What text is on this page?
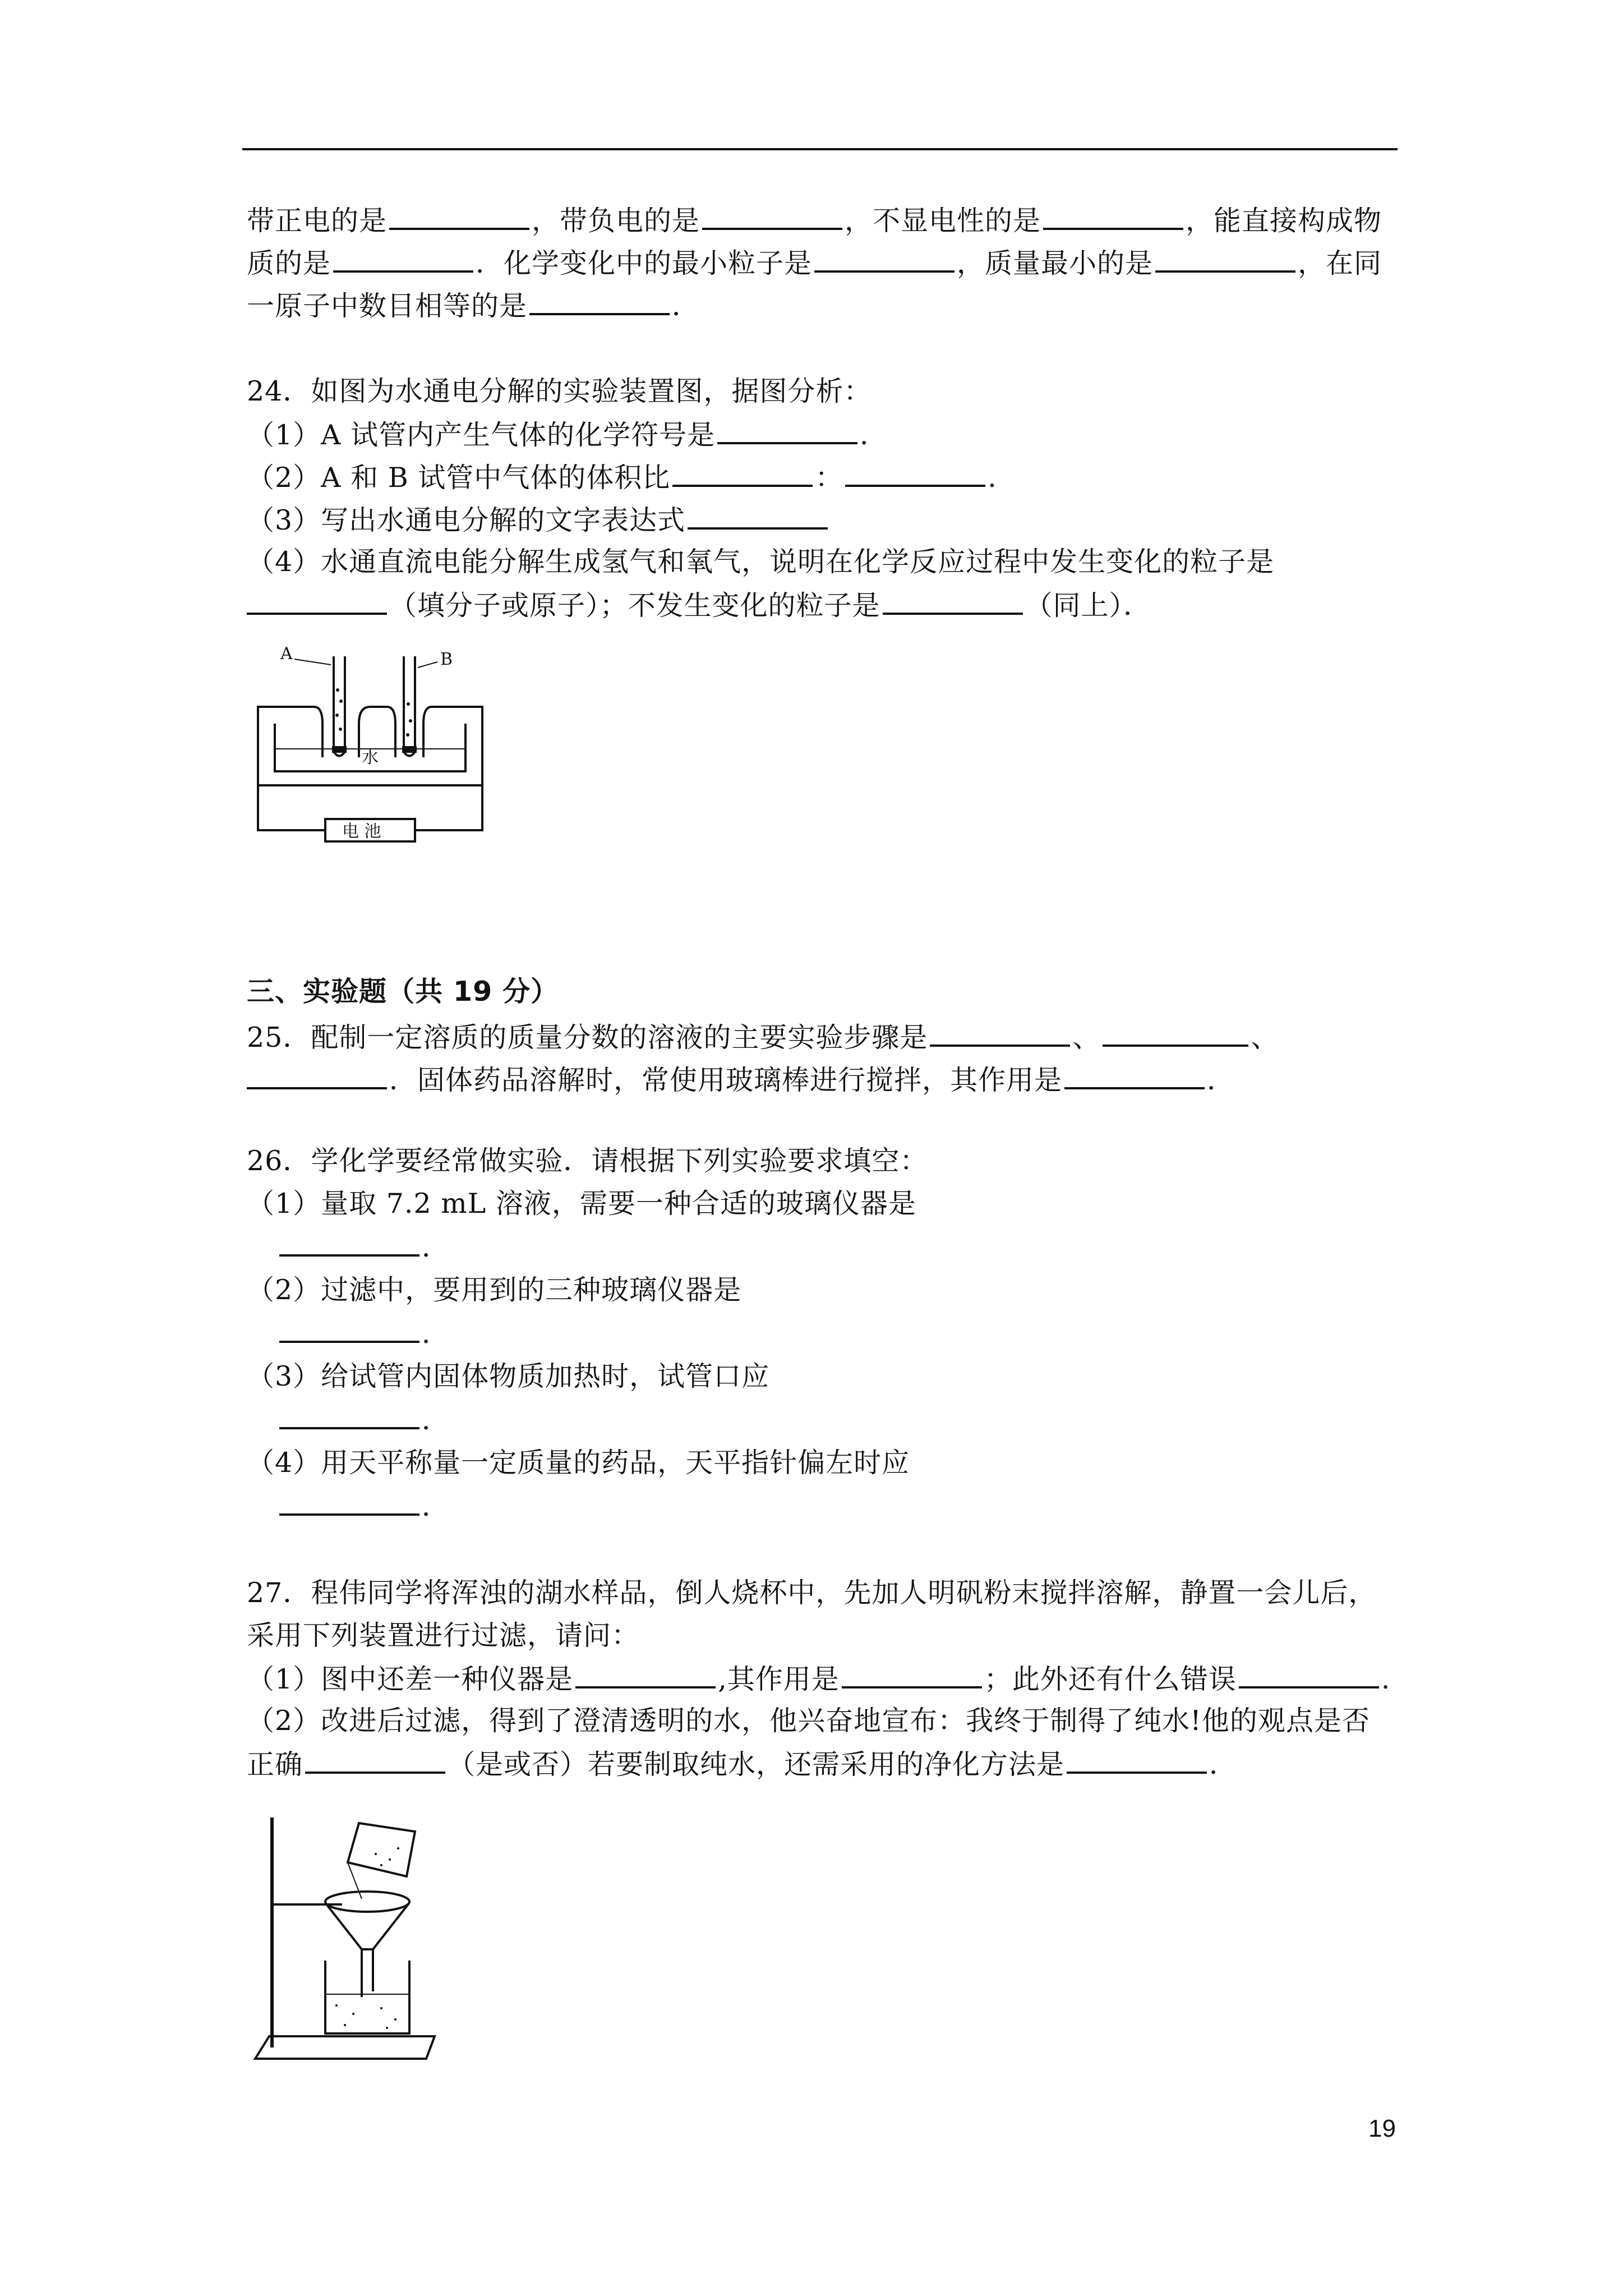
带正电的是	，带负电的是	，不显电性的是	，能直接构成物
质的是	．化学变化中的最小粒子是	，质量最小的是	，在同
一原子中数目相等的是	．
24．如图为水通电分解的实验装置图，据图分析：
（1）A 试管内产生气体的化学符号是	．
（2）A 和 B 试管中气体的体积比	：	．
（3）写出水通电分解的文字表达式
（4）水通直流电能分解生成氢气和氧气，说明在化学反应过程中发生变化的粒子是
（填分子或原子）；不发生变化的粒子是	（同上）．
A	B
水
电 池
三、实验题（共 19 分）
25．配制一定溶质的质量分数的溶液的主要实验步骤是	、	、
．固体药品溶解时，常使用玻璃棒进行搅拌，其作用是	．
26．学化学要经常做实验．请根据下列实验要求填空：
（1）量取 7.2 mL 溶液，需要一种合适的玻璃仪器是
．
（2）过滤中，要用到的三种玻璃仪器是
．
（3）给试管内固体物质加热时，试管口应
．
（4）用天平称量一定质量的药品，天平指针偏左时应
．
27．程伟同学将浑浊的湖水样品，倒人烧杯中，先加人明矾粉末搅拌溶解，静置一会儿后，
采用下列装置进行过滤，请问：
（1）图中还差一种仪器是	,其作用是	；此外还有什么错误	.
（2）改进后过滤，得到了澄清透明的水，他兴奋地宣布：我终于制得了纯水!他的观点是否
正确	（是或否）若要制取纯水，还需采用的净化方法是	．
19
